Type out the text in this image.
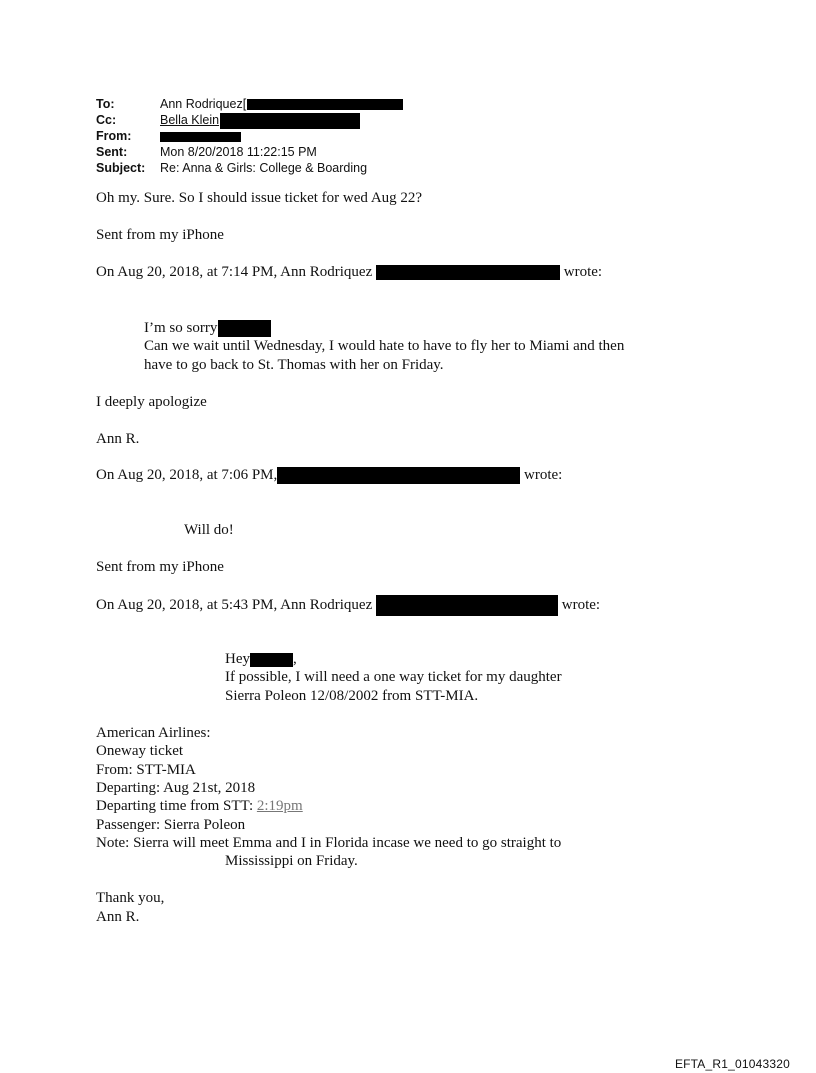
To:	Ann Rodriquez[
Cc:	Bella Klein
From:
Sent:	Mon 8/20/2018 11:22:15 PM
Subject: Re: Anna & Girls: College & Boarding
Oh my. Sure. So I should issue ticket for wed Aug 22?
Sent from my iPhone
On Aug 20, 2018, at 7:14 PM, Ann Rodriquez	wrote:
I’m so sorry
Can we wait until Wednesday, I would hate to have to fly her to Miami and then
have to go back to St. Thomas with her on Friday.
I deeply apologize
Ann R.
On Aug 20, 2018, at 7:06 PM,	wrote:
Will do!
Sent from my iPhone
On Aug 20, 2018, at 5:43 PM, Ann Rodriquez	wrote:
Hey	,
If possible, I will need a one way ticket for my daughter
Sierra Poleon 12/08/2002 from STT-MIA.
American Airlines:
Oneway ticket
From: STT-MIA
Departing: Aug 21st, 2018
Departing time from STT: 2:19pm
Passenger: Sierra Poleon
Note: Sierra will meet Emma and I in Florida incase we need to go straight to
Mississippi on Friday.
Thank you,
Ann R.
EFTA_R1_01043320
